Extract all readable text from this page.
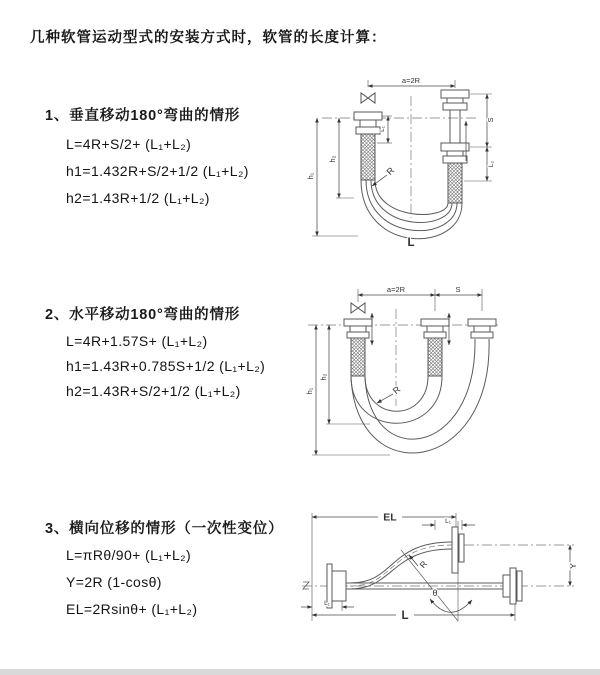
几种软管运动型式的安装方式时，软管的长度计算：
1、垂直移动180°弯曲的情形
L=4R+S/2+ (L₁+L₂)
h1=1.432R+S/2+1/2 (L₁+L₂)
h2=1.43R+1/2 (L₁+L₂)
2、水平移动180°弯曲的情形
L=4R+1.57S+ (L₁+L₂)
h1=1.43R+0.785S+1/2 (L₁+L₂)
h2=1.43R+S/2+1/2 (L₁+L₂)
3、横向位移的情形（一次性变位）
L=πRθ/90+ (L₁+L₂)
Y=2R (1-cosθ)
EL=2Rsinθ+ (L₁+L₂)
a=2R
h₁
h₂
L₁
S
L₂
R
L
a=2R	S
h₁
h₂
R
EL	L₁
Y
θ
R
L
L₁
